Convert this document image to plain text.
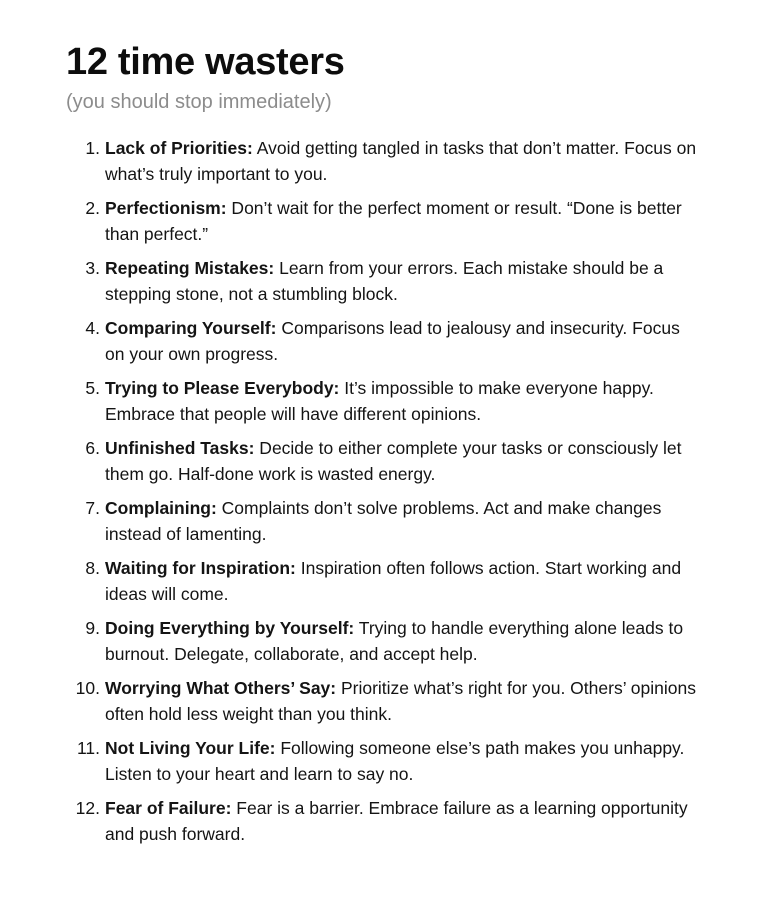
12 time wasters

(you should stop immediately)

1. Lack of Priorities: Avoid getting tangled in tasks that don’t matter. Focus on what’s truly important to you.
2. Perfectionism: Don’t wait for the perfect moment or result. “Done is better than perfect.”
3. Repeating Mistakes: Learn from your errors. Each mistake should be a stepping stone, not a stumbling block.
4. Comparing Yourself: Comparisons lead to jealousy and insecurity. Focus on your own progress.
5. Trying to Please Everybody: It’s impossible to make everyone happy. Embrace that people will have different opinions.
6. Unfinished Tasks: Decide to either complete your tasks or consciously let them go. Half-done work is wasted energy.
7. Complaining: Complaints don’t solve problems. Act and make changes instead of lamenting.
8. Waiting for Inspiration: Inspiration often follows action. Start working and ideas will come.
9. Doing Everything by Yourself: Trying to handle everything alone leads to burnout. Delegate, collaborate, and accept help.
10. Worrying What Others’ Say: Prioritize what’s right for you. Others’ opinions often hold less weight than you think.
11. Not Living Your Life: Following someone else’s path makes you unhappy. Listen to your heart and learn to say no.
12. Fear of Failure: Fear is a barrier. Embrace failure as a learning opportunity and push forward.
